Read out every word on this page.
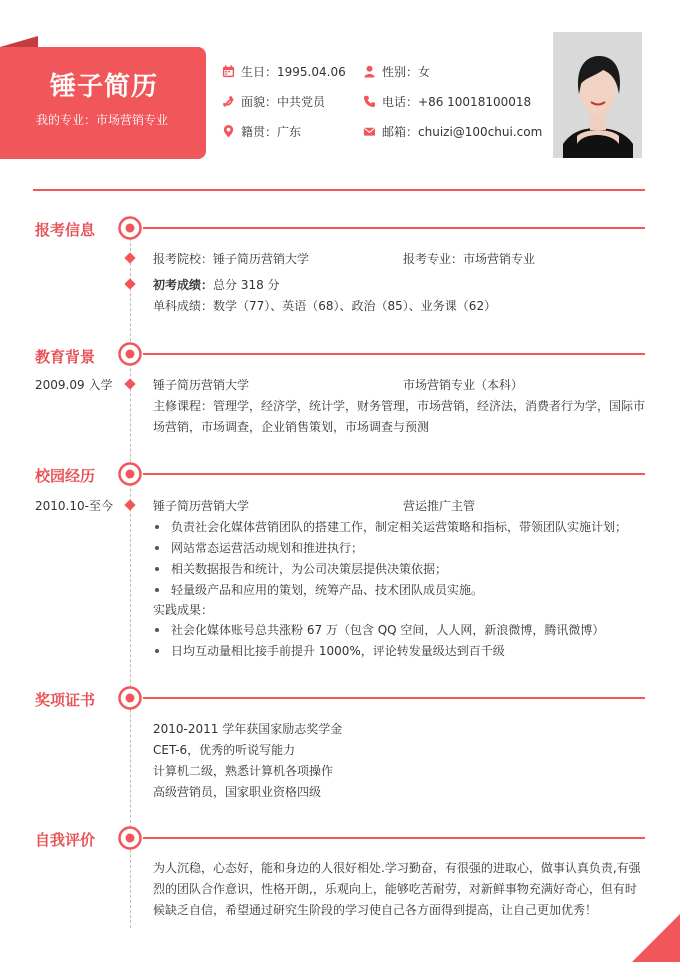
锤子简历
我的专业：市场营销专业
生日： 1995.04.06	性别： 女
面貌： 中共党员	电话： +86 10018100018
籍贯： 广东	邮箱： chuizi@100chui.com
报考信息
报考院校：锤子简历营销大学	报考专业：市场营销专业
初考成绩：总分 318 分
单科成绩：数学（77）、英语（68）、政治（85）、业务课（62）
教育背景
2009.09 入学	锤子简历营销大学	市场营销专业（本科）
主修课程：管理学，经济学，统计学，财务管理，市场营销，经济法，消费者行为学，国际市
场营销，市场调查，企业销售策划，市场调查与预测
校园经历
2010.10-至今	锤子简历营销大学	营运推广主管
负责社会化媒体营销团队的搭建工作，制定相关运营策略和指标，带领团队实施计划；
网站常态运营活动规划和推进执行；
相关数据报告和统计，为公司决策层提供决策依据；
轻量级产品和应用的策划，统筹产品、技术团队成员实施。
实践成果：
社会化媒体账号总共涨粉 67 万（包含 QQ 空间，人人网，新浪微博，腾讯微博）
日均互动量相比接手前提升 1000%，评论转发量级达到百千级
奖项证书
2010-2011 学年获国家励志奖学金
CET-6，优秀的听说写能力
计算机二级，熟悉计算机各项操作
高级营销员，国家职业资格四级
自我评价
为人沉稳，心态好，能和身边的人很好相处.学习勤奋，有很强的进取心，做事认真负责,有强烈的团队合作意识，性格开朗,，乐观向上，能够吃苦耐劳，对新鲜事物充满好奇心，但有时候缺乏自信，希望通过研究生阶段的学习使自己各方面得到提高，让自己更加优秀！
